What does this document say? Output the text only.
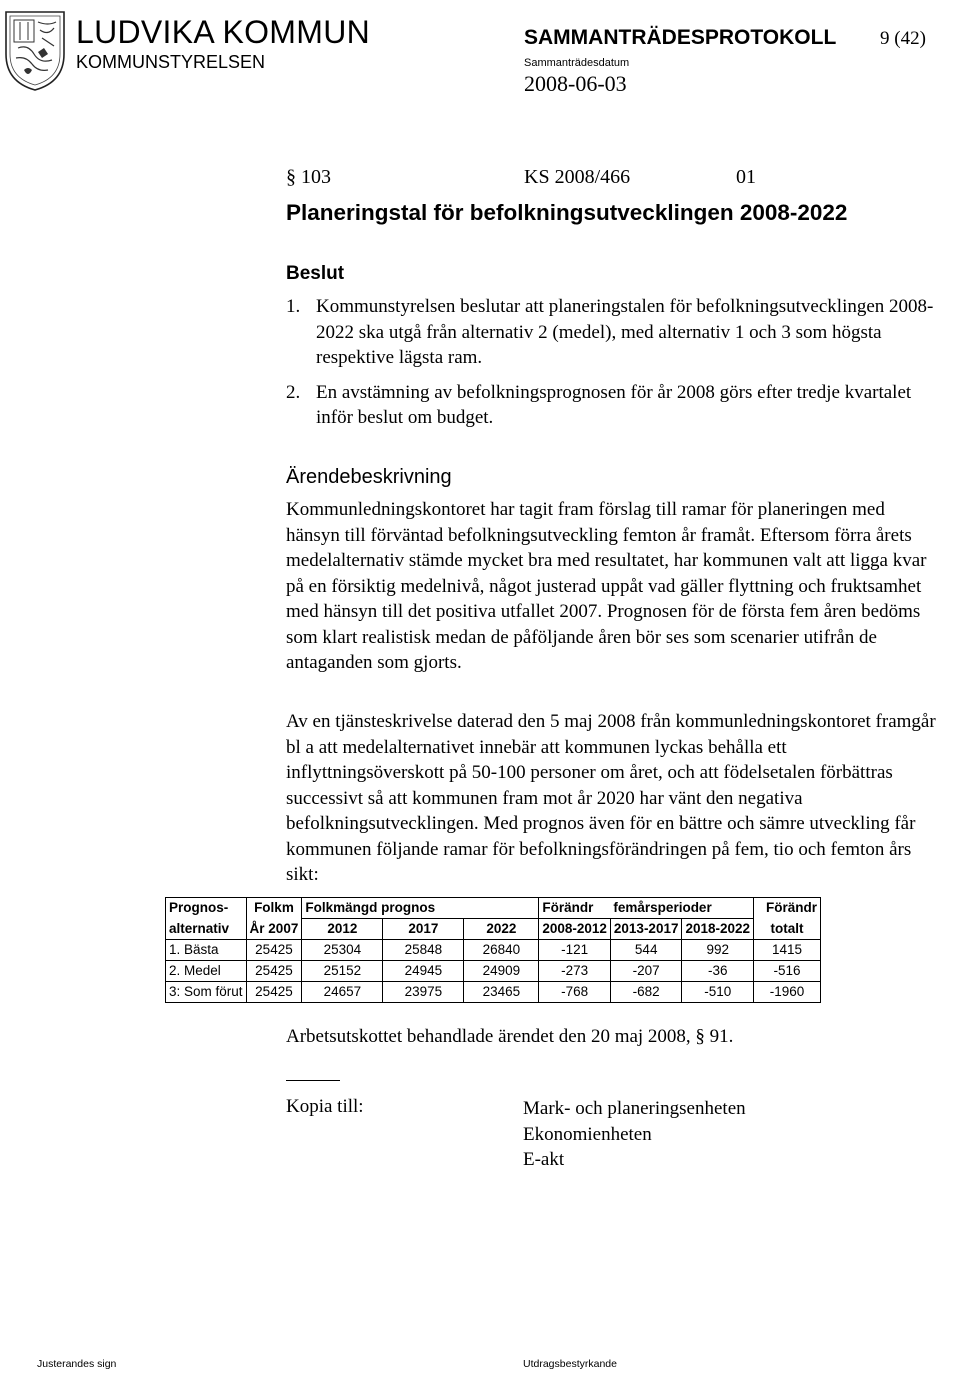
LUDVIKA KOMMUN
KOMMUNSTYRELSEN
SAMMANTRÄDESPROTOKOLL 9 (42)
Sammanträdesdatum
2008-06-03
§ 103	KS 2008/466	01
Planeringstal för befolkningsutvecklingen 2008-2022
Beslut
1. Kommunstyrelsen beslutar att planeringstalen för befolkningsutvecklingen 2008-2022 ska utgå från alternativ 2 (medel), med alternativ 1 och 3 som högsta respektive lägsta ram.
2. En avstämning av befolkningsprognosen för år 2008 görs efter tredje kvartalet inför beslut om budget.
Ärendebeskrivning
Kommunledningskontoret har tagit fram förslag till ramar för planeringen med hänsyn till förväntad befolkningsutveckling femton år framåt. Eftersom förra årets medelalternativ stämde mycket bra med resultatet, har kommunen valt att ligga kvar på en försiktig medelnivå, något justerad uppåt vad gäller flyttning och fruktsamhet med hänsyn till det positiva utfallet 2007. Prognosen för de första fem åren bedöms som klart realistisk medan de påföljande åren bör ses som scenarier utifrån de antaganden som gjorts.
Av en tjänsteskrivelse daterad den 5 maj 2008 från kommunledningskontoret framgår bl a att medelalternativet innebär att kommunen lyckas behålla ett inflyttningsöverskott på 50-100 personer om året, och att födelsetalen förbättras successivt så att kommunen fram mot år 2020 har vänt den negativa befolkningsutvecklingen. Med prognos även för en bättre och sämre utveckling får kommunen följande ramar för befolkningsförändringen på fem, tio och femton års sikt:
Prognos-	Folkm	Folkmängd prognos			Förändr	femårsperioder		Förändr
alternativ	År 2007	2012	2017	2022	2008-2012	2013-2017	2018-2022	totalt
1. Bästa	25425	25304	25848	26840	-121	544	992	1415
2. Medel	25425	25152	24945	24909	-273	-207	-36	-516
3: Som förut	25425	24657	23975	23465	-768	-682	-510	-1960
Arbetsutskottet behandlade ärendet den 20 maj 2008, § 91.
Kopia till:	Mark- och planeringsenheten
Ekonomienheten
E-akt
Justerandes sign	Utdragsbestyrkande
